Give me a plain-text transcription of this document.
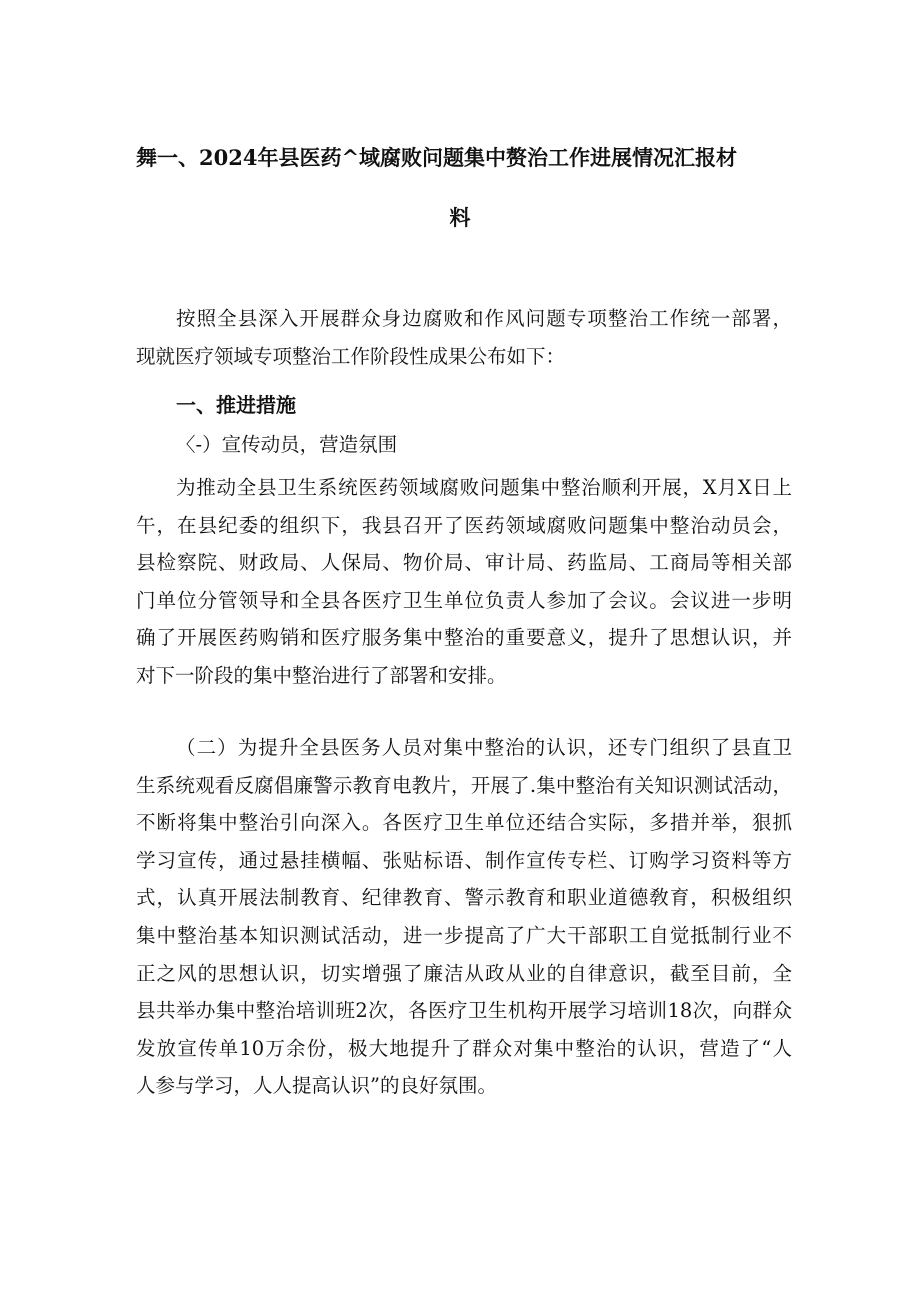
舞一、2024年县医药^域腐败问题集中赘治工作进展情况汇报材
料
按照全县深入开展群众身边腐败和作风问题专项整治工作统一部署，
现就医疗领域专项整治工作阶段性成果公布如下：
一、推进措施
〈-）宣传动员，营造氛围
为推动全县卫生系统医药领域腐败问题集中整治顺利开展，X月X日上
午，在县纪委的组织下，我县召开了医药领域腐败问题集中整治动员会，
县检察院、财政局、人保局、物价局、审计局、药监局、工商局等相关部
门单位分管领导和全县各医疗卫生单位负责人参加了会议。会议进一步明
确了开展医药购销和医疗服务集中整治的重要意义，提升了思想认识，并
对下一阶段的集中整治进行了部署和安排。
（二）为提升全县医务人员对集中整治的认识，还专门组织了县直卫
生系统观看反腐倡廉警示教育电教片，开展了.集中整治有关知识测试活动，
不断将集中整治引向深入。各医疗卫生单位还结合实际，多措并举，狠抓
学习宣传，通过悬挂横幅、张贴标语、制作宣传专栏、订购学习资料等方
式，认真开展法制教育、纪律教育、警示教育和职业道德敎育，积极组织
集中整治基本知识测试活动，进一步提高了广大干部职工自觉抵制行业不
正之风的思想认识，切实增强了廉洁从政从业的自律意识，截至目前，全
县共举办集中整治培训班2次，各医疗卫生机构开展学习培训18次，向群众
发放宣传单10万余份，极大地提升了群众对集中整治的认识，营造了“人
人参与学习，人人提高认识”的良好氛围。
